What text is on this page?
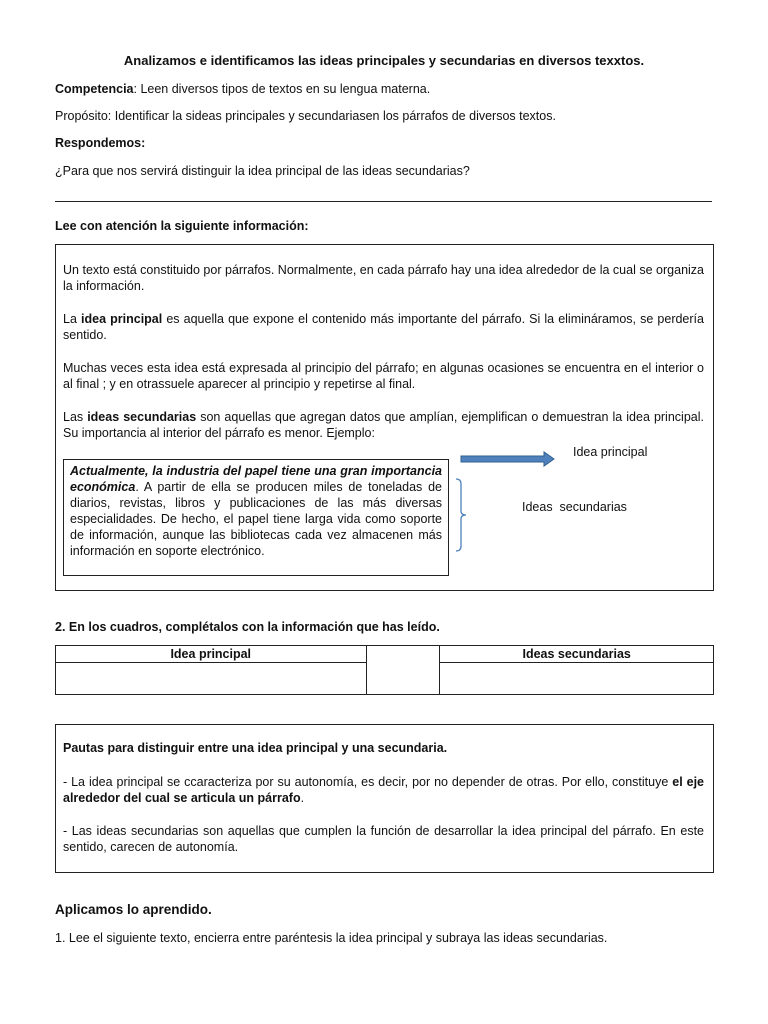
Analizamos e identificamos las ideas principales y secundarias en diversos texxtos.
Competencia: Leen diversos tipos de textos en su lengua materna.
Propósito: Identificar la sideas principales y secundariasen los párrafos de diversos textos.
Respondemos:
¿Para que nos servirá distinguir la idea principal de las ideas secundarias?
Lee con atención la siguiente información:
Un texto está constituido por párrafos. Normalmente, en cada párrafo hay una idea alrededor de la cual se organiza la información.
La idea principal es aquella que expone el contenido más importante del párrafo. Si la elimináramos, se perdería sentido.
Muchas veces esta idea está expresada al principio del párrafo; en algunas ocasiones se encuentra en el interior o al final ; y en otrassuele aparecer al principio y repetirse al final.
Las ideas secundarias son aquellas que agregan datos que amplían, ejemplifican o demuestran la idea principal. Su importancia al interior del párrafo es menor. Ejemplo:
Actualmente, la industria del papel tiene una gran importancia económica. A partir de ella se producen miles de toneladas de diarios, revistas, libros y publicaciones de las más diversas especialidades. De hecho, el papel tiene larga vida como soporte de información, aunque las bibliotecas cada vez almacenen más información en soporte electrónico.
Idea principal
Ideas  secundarias
2. En los cuadros, complétalos con la información que has leído.
Idea principal		Ideas secundarias

Pautas para distinguir entre una idea principal y una secundaria.
- La idea principal se ccaracteriza por su autonomía, es decir, por no depender de otras. Por ello, constituye el eje alrededor del cual se articula un párrafo.
- Las ideas secundarias son aquellas que cumplen la función de desarrollar la idea principal del párrafo. En este sentido, carecen de autonomía.
Aplicamos lo aprendido.
1. Lee el siguiente texto, encierra entre paréntesis la idea principal y subraya las ideas secundarias.
